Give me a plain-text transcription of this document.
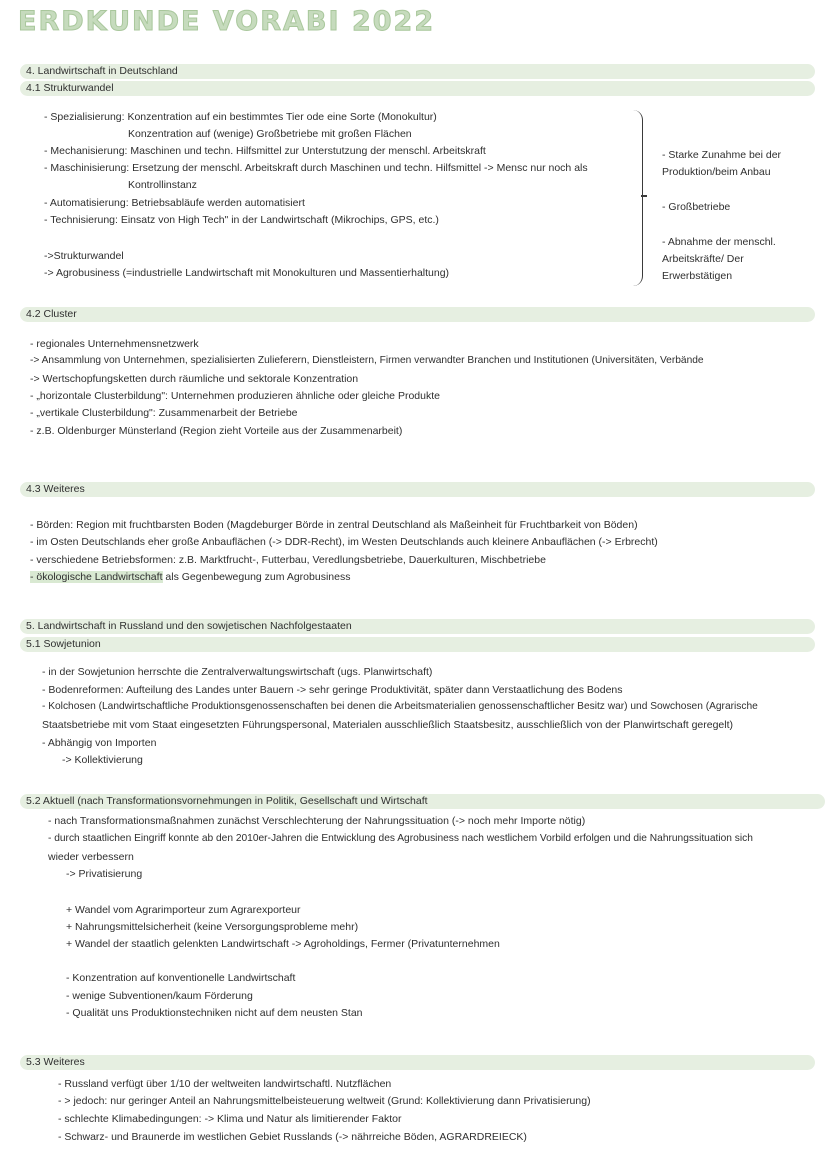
ERDKUNDE VORABI 2022
4. Landwirtschaft in Deutschland
4.1 Strukturwandel
- Spezialisierung: Konzentration auf ein bestimmtes Tier ode eine Sorte (Monokultur)
Konzentration auf (wenige) Großbetriebe mit großen Flächen
- Mechanisierung: Maschinen und techn. Hilfsmittel zur Unterstutzung der menschl. Arbeitskraft
- Maschinisierung: Ersetzung der menschl. Arbeitskraft durch Maschinen und techn. Hilfsmittel -> Mensc nur noch als
Kontrollinstanz
- Automatisierung: Betriebsabläufe werden automatisiert
- Technisierung: Einsatz von High Tech" in der Landwirtschaft (Mikrochips, GPS, etc.)
->Strukturwandel
-> Agrobusiness (=industrielle Landwirtschaft mit Monokulturen und Massentierhaltung)
- Starke Zunahme bei der
Produktion/beim Anbau
- Großbetriebe
- Abnahme der menschl.
Arbeitskräfte/ Der
Erwerbstätigen
4.2 Cluster
- regionales Unternehmensnetzwerk
-> Ansammlung von Unternehmen, spezialisierten Zulieferern, Dienstleistern, Firmen verwandter Branchen und Institutionen (Universitäten, Verbände
-> Wertschopfungsketten durch räumliche und sektorale Konzentration
- „horizontale Clusterbildung": Unternehmen produzieren ähnliche oder gleiche Produkte
- „vertikale Clusterbildung": Zusammenarbeit der Betriebe
- z.B. Oldenburger Münsterland (Region zieht Vorteile aus der Zusammenarbeit)
4.3 Weiteres
- Börden: Region mit fruchtbarsten Boden (Magdeburger Börde in zentral Deutschland als Maßeinheit für Fruchtbarkeit von Böden)
- im Osten Deutschlands eher große Anbauflächen (-> DDR-Recht), im Westen Deutschlands auch kleinere Anbauflächen (-> Erbrecht)
- verschiedene Betriebsformen: z.B. Marktfrucht-, Futterbau, Veredlungsbetriebe, Dauerkulturen, Mischbetriebe
- ökologische Landwirtschaft als Gegenbewegung zum Agrobusiness
5. Landwirtschaft in Russland und den sowjetischen Nachfolgestaaten
5.1 Sowjetunion
- in der Sowjetunion herrschte die Zentralverwaltungswirtschaft (ugs. Planwirtschaft)
- Bodenreformen: Aufteilung des Landes unter Bauern -> sehr geringe Produktivität, später dann Verstaatlichung des Bodens
- Kolchosen (Landwirtschaftliche Produktionsgenossenschaften bei denen die Arbeitsmaterialien genossenschaftlicher Besitz war) und Sowchosen (Agrarische
Staatsbetriebe mit vom Staat eingesetzten Führungspersonal, Materialen ausschließlich Staatsbesitz, ausschließlich von der Planwirtschaft geregelt)
- Abhängig von Importen
-> Kollektivierung
5.2 Aktuell (nach Transformationsvornehmungen in Politik, Gesellschaft und Wirtschaft
- nach Transformationsmaßnahmen zunächst Verschlechterung der Nahrungssituation (-> noch mehr Importe nötig)
- durch staatlichen Eingriff konnte ab den 2010er-Jahren die Entwicklung des Agrobusiness nach westlichem Vorbild erfolgen und die Nahrungssituation sich
wieder verbessern
-> Privatisierung
+ Wandel vom Agrarimporteur zum Agrarexporteur
+ Nahrungsmittelsicherheit (keine Versorgungsprobleme mehr)
+ Wandel der staatlich gelenkten Landwirtschaft -> Agroholdings, Fermer (Privatunternehmen
- Konzentration auf konventionelle Landwirtschaft
- wenige Subventionen/kaum Förderung
- Qualität uns Produktionstechniken nicht auf dem neusten Stan
5.3 Weiteres
- Russland verfügt über 1/10 der weltweiten landwirtschaftl. Nutzflächen
- > jedoch: nur geringer Anteil an Nahrungsmittelbeisteuerung weltweit (Grund: Kollektivierung dann Privatisierung)
- schlechte Klimabedingungen: -> Klima und Natur als limitierender Faktor
- Schwarz- und Braunerde im westlichen Gebiet Russlands (-> nährreiche Böden, AGRARDREIECK)
